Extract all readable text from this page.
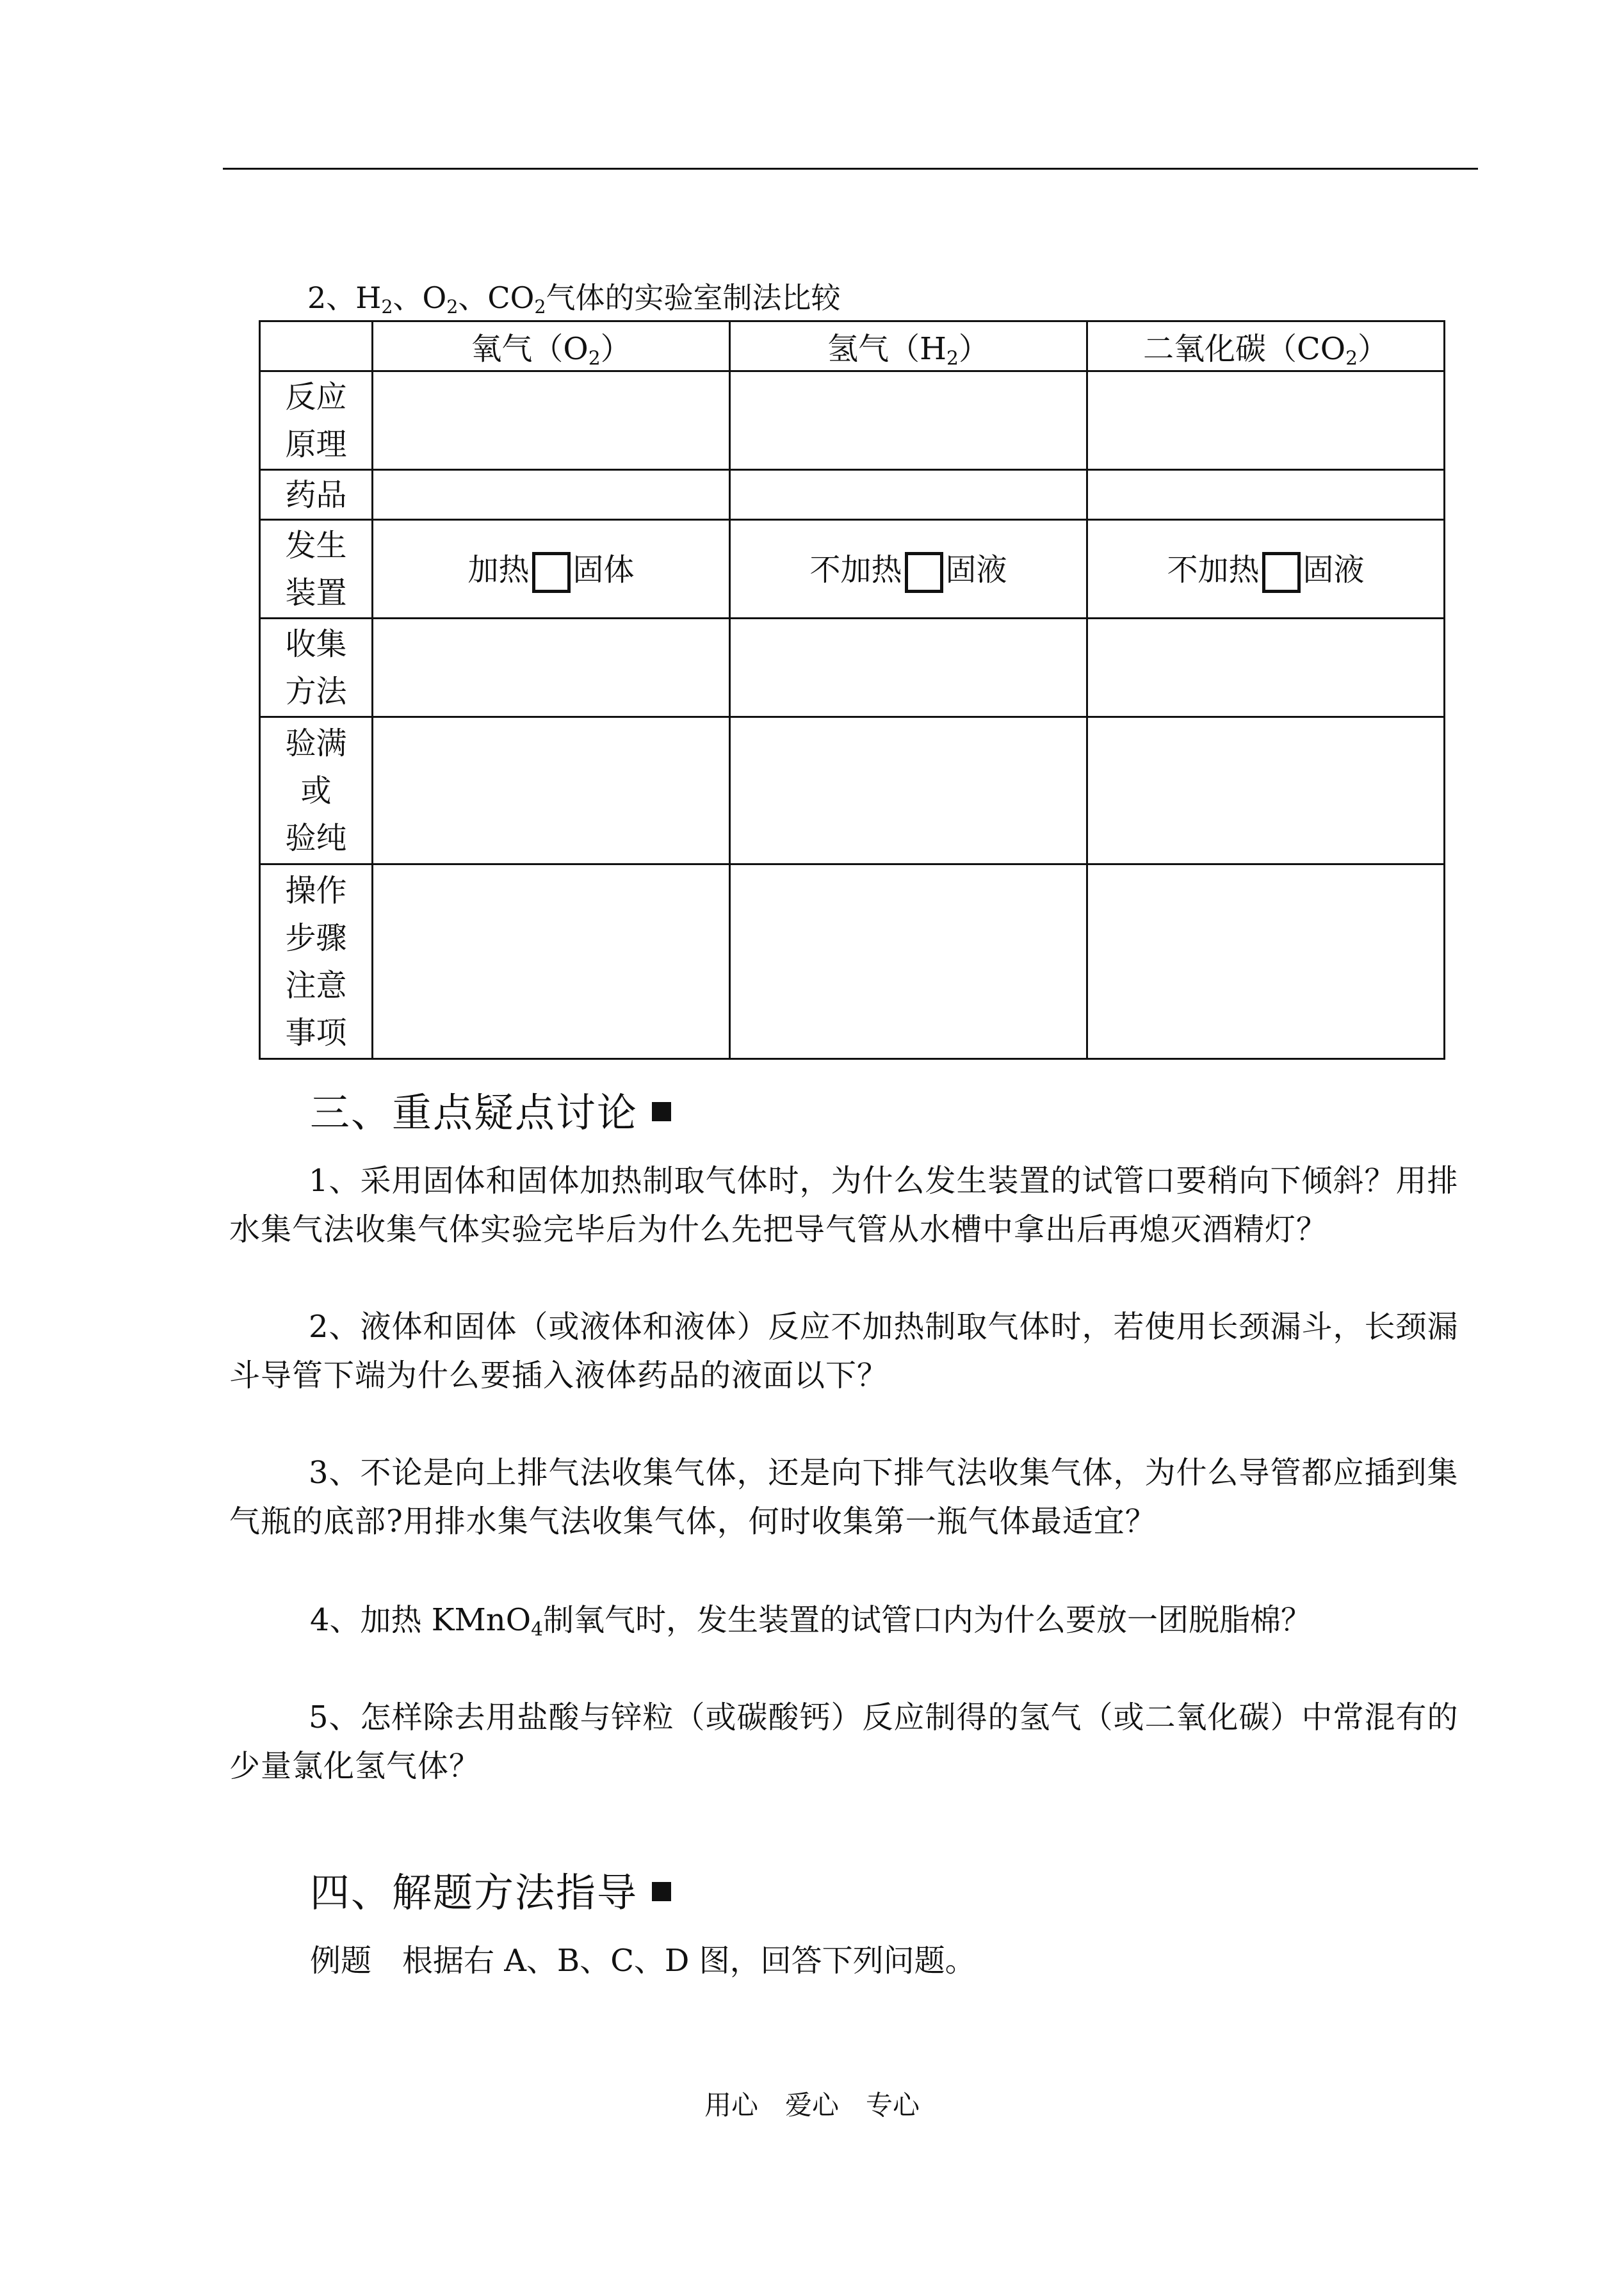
2、$H_2$、$O_2$、$CO_2$气体的实验室制法比较
	氧气$(O_2)$	氢气$(H_2)$	二氧化碳$(CO_2)$

反应
原理			

药品			

发生
装置	加热 固体	不加热 固液	不加热 固液

收集
方法			

验满
或
验纯			

操作
步骤
注意
事项			

三、重点疑点讨论
1、采用固体和固体加热制取气体时，为什么发生装置的试管口要稍向下倾斜？用排水集气法收集气体实验完毕后为什么先把导气管从水槽中拿出后再熄灭酒精灯？
2、液体和固体（或液体和液体）反应不加热制取气体时，若使用长颈漏斗，长颈漏斗导管下端为什么要插入液体药品的液面以下？
3、不论是向上排气法收集气体，还是向下排气法收集气体，为什么导管都应插到集气瓶的底部?用排水集气法收集气体，何时收集第一瓶气体最适宜？
4、加热 KMnO$_4$制氧气时，发生装置的试管口内为什么要放一团脱脂棉？
5、怎样除去用盐酸与锌粒（或碳酸钙）反应制得的氢气（或二氧化碳）中常混有的少量氯化氢气体？
四、解题方法指导
例题　根据右 A、B、C、D 图，回答下列问题。
用心　爱心　专心
